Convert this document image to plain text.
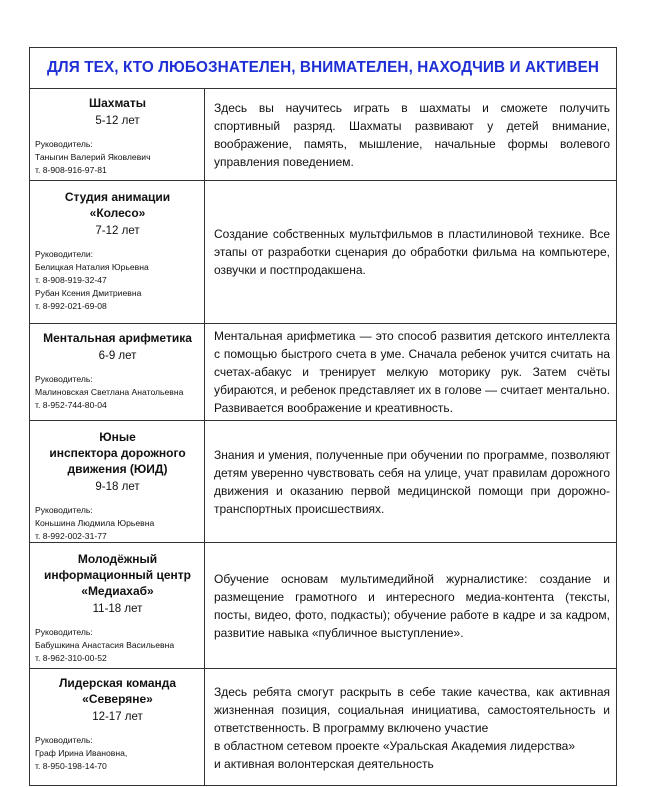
ДЛЯ ТЕХ, КТО ЛЮБОЗНАТЕЛЕН, ВНИМАТЕЛЕН, НАХОДЧИВ И АКТИВЕН
Шахматы
5-12 лет
Руководитель:
Таныгин Валерий Яковлевич
т. 8-908-916-97-81

Здесь вы научитесь играть в шахматы и сможете получить спортивный разряд. Шахматы развивают у детей внимание, воображение, память, мышление, начальные формы волевого управления поведением.

Студия анимации
«Колесо»
7-12 лет
Руководители:
Белицкая Наталия Юрьевна
т. 8-908-919-32-47
Рубан Ксения Дмитриевна
т. 8-992-021-69-08

Создание собственных мультфильмов в пластилиновой технике. Все этапы от разработки сценария до обработки фильма на компьютере, озвучки и постпродакшена.

Ментальная арифметика
6-9 лет
Руководитель:
Малиновская Светлана Анатольевна
т. 8-952-744-80-04

Ментальная арифметика — это способ развития детского интеллекта с помощью быстрого счета в уме. Сначала ребенок учится считать на счетах-абакус и тренирует мелкую моторику рук. Затем счёты убираются, и ребенок представляет их в голове — считает ментально. Развивается воображение и креативность.

Юные
инспектора дорожного
движения (ЮИД)
9-18 лет
Руководитель:
Коньшина Людмила Юрьевна
т. 8-992-002-31-77

Знания и умения, полученные при обучении по программе, позволяют детям уверенно чувствовать себя на улице, учат правилам дорожного движения и оказанию первой медицинской помощи при дорожно-транспортных происшествиях.

Молодёжный
информационный центр
«Медиахаб»
11-18 лет
Руководитель:
Бабушкина Анастасия Васильевна
т. 8-962-310-00-52

Обучение основам мультимедийной журналистике: создание и размещение грамотного и интересного медиа-контента (тексты, посты, видео, фото, подкасты); обучение работе в кадре и за кадром, развитие навыка «публичное выступление».

Лидерская команда
«Северяне»
12-17 лет
Руководитель:
Граф Ирина Ивановна,
т. 8-950-198-14-70

Здесь ребята смогут раскрыть в себе такие качества, как активная жизненная позиция, социальная инициатива, самостоятельность и ответственность. В программу включено участие

в областном сетевом проекте «Уральская Академия лидерства»
и активная волонтерская деятельность
